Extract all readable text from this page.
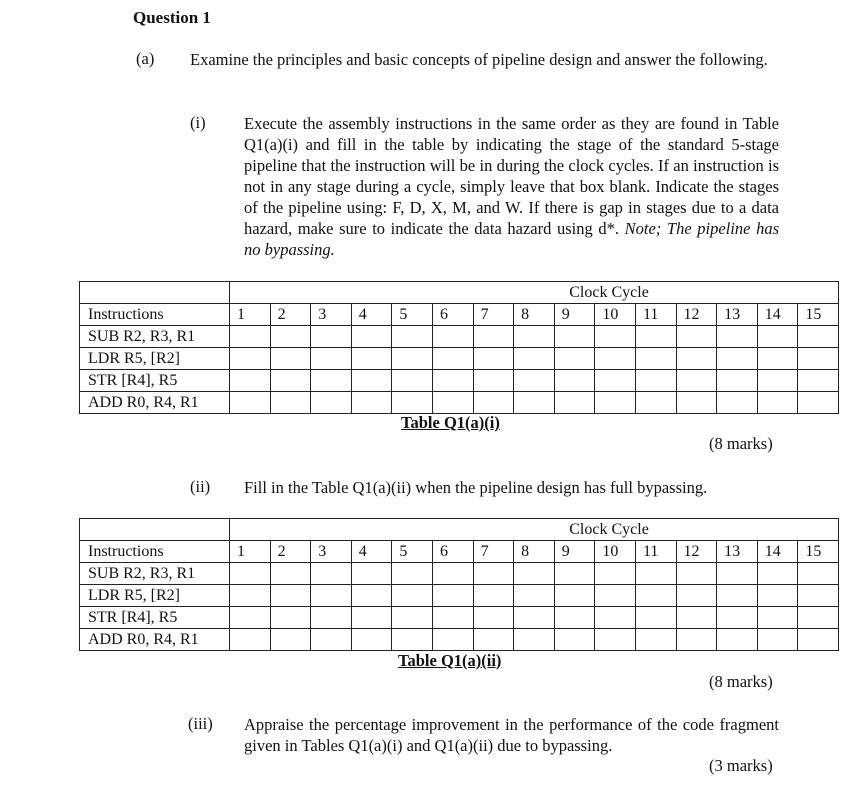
Question 1
(a) Examine the principles and basic concepts of pipeline design and answer the following.
(i) Execute the assembly instructions in the same order as they are found in Table Q1(a)(i) and fill in the table by indicating the stage of the standard 5-stage pipeline that the instruction will be in during the clock cycles. If an instruction is not in any stage during a cycle, simply leave that box blank. Indicate the stages of the pipeline using: F, D, X, M, and W. If there is gap in stages due to a data hazard, make sure to indicate the data hazard using d*. Note; The pipeline has no bypassing.
	Clock Cycle														
Instructions	1	2	3	4	5	6	7	8	9	10	11	12	13	14	15
SUB R2, R3, R1															
LDR R5, [R2]															
STR [R4], R5															
ADD R0, R4, R1															
Table Q1(a)(i)
(8 marks)
(ii) Fill in the Table Q1(a)(ii) when the pipeline design has full bypassing.
	Clock Cycle														
Instructions	1	2	3	4	5	6	7	8	9	10	11	12	13	14	15
SUB R2, R3, R1															
LDR R5, [R2]															
STR [R4], R5															
ADD R0, R4, R1															
Table Q1(a)(ii)
(8 marks)
(iii) Appraise the percentage improvement in the performance of the code fragment given in Tables Q1(a)(i) and Q1(a)(ii) due to bypassing.
(3 marks)
